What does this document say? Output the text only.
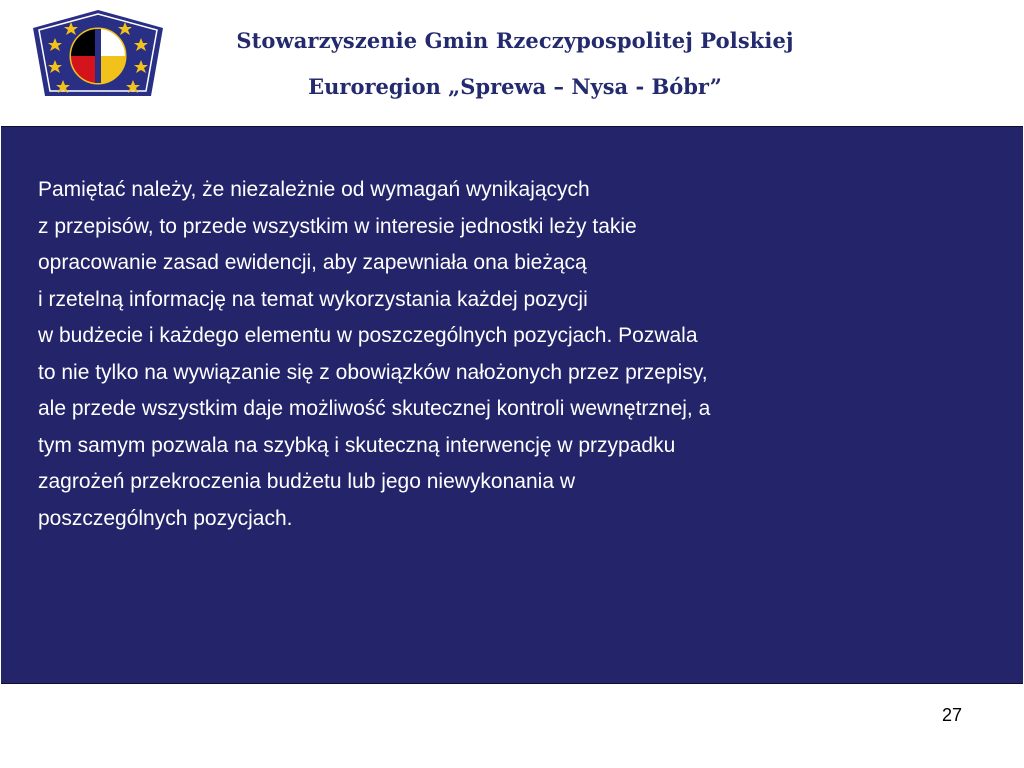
Stowarzyszenie Gmin Rzeczypospolitej Polskiej
Euroregion „Sprewa – Nysa - Bóbr”

Pamiętać należy, że niezależnie od wymagań wynikających
z przepisów, to przede wszystkim w interesie jednostki leży takie
opracowanie zasad ewidencji, aby zapewniała ona bieżącą
i rzetelną informację na temat wykorzystania każdej pozycji
w budżecie i każdego elementu w poszczególnych pozycjach. Pozwala
to nie tylko na wywiązanie się z obowiązków nałożonych przez przepisy,
ale przede wszystkim daje możliwość skutecznej kontroli wewnętrznej, a
tym samym pozwala na szybką i skuteczną interwencję w przypadku
zagrożeń przekroczenia budżetu lub jego niewykonania w
poszczególnych pozycjach.

27
